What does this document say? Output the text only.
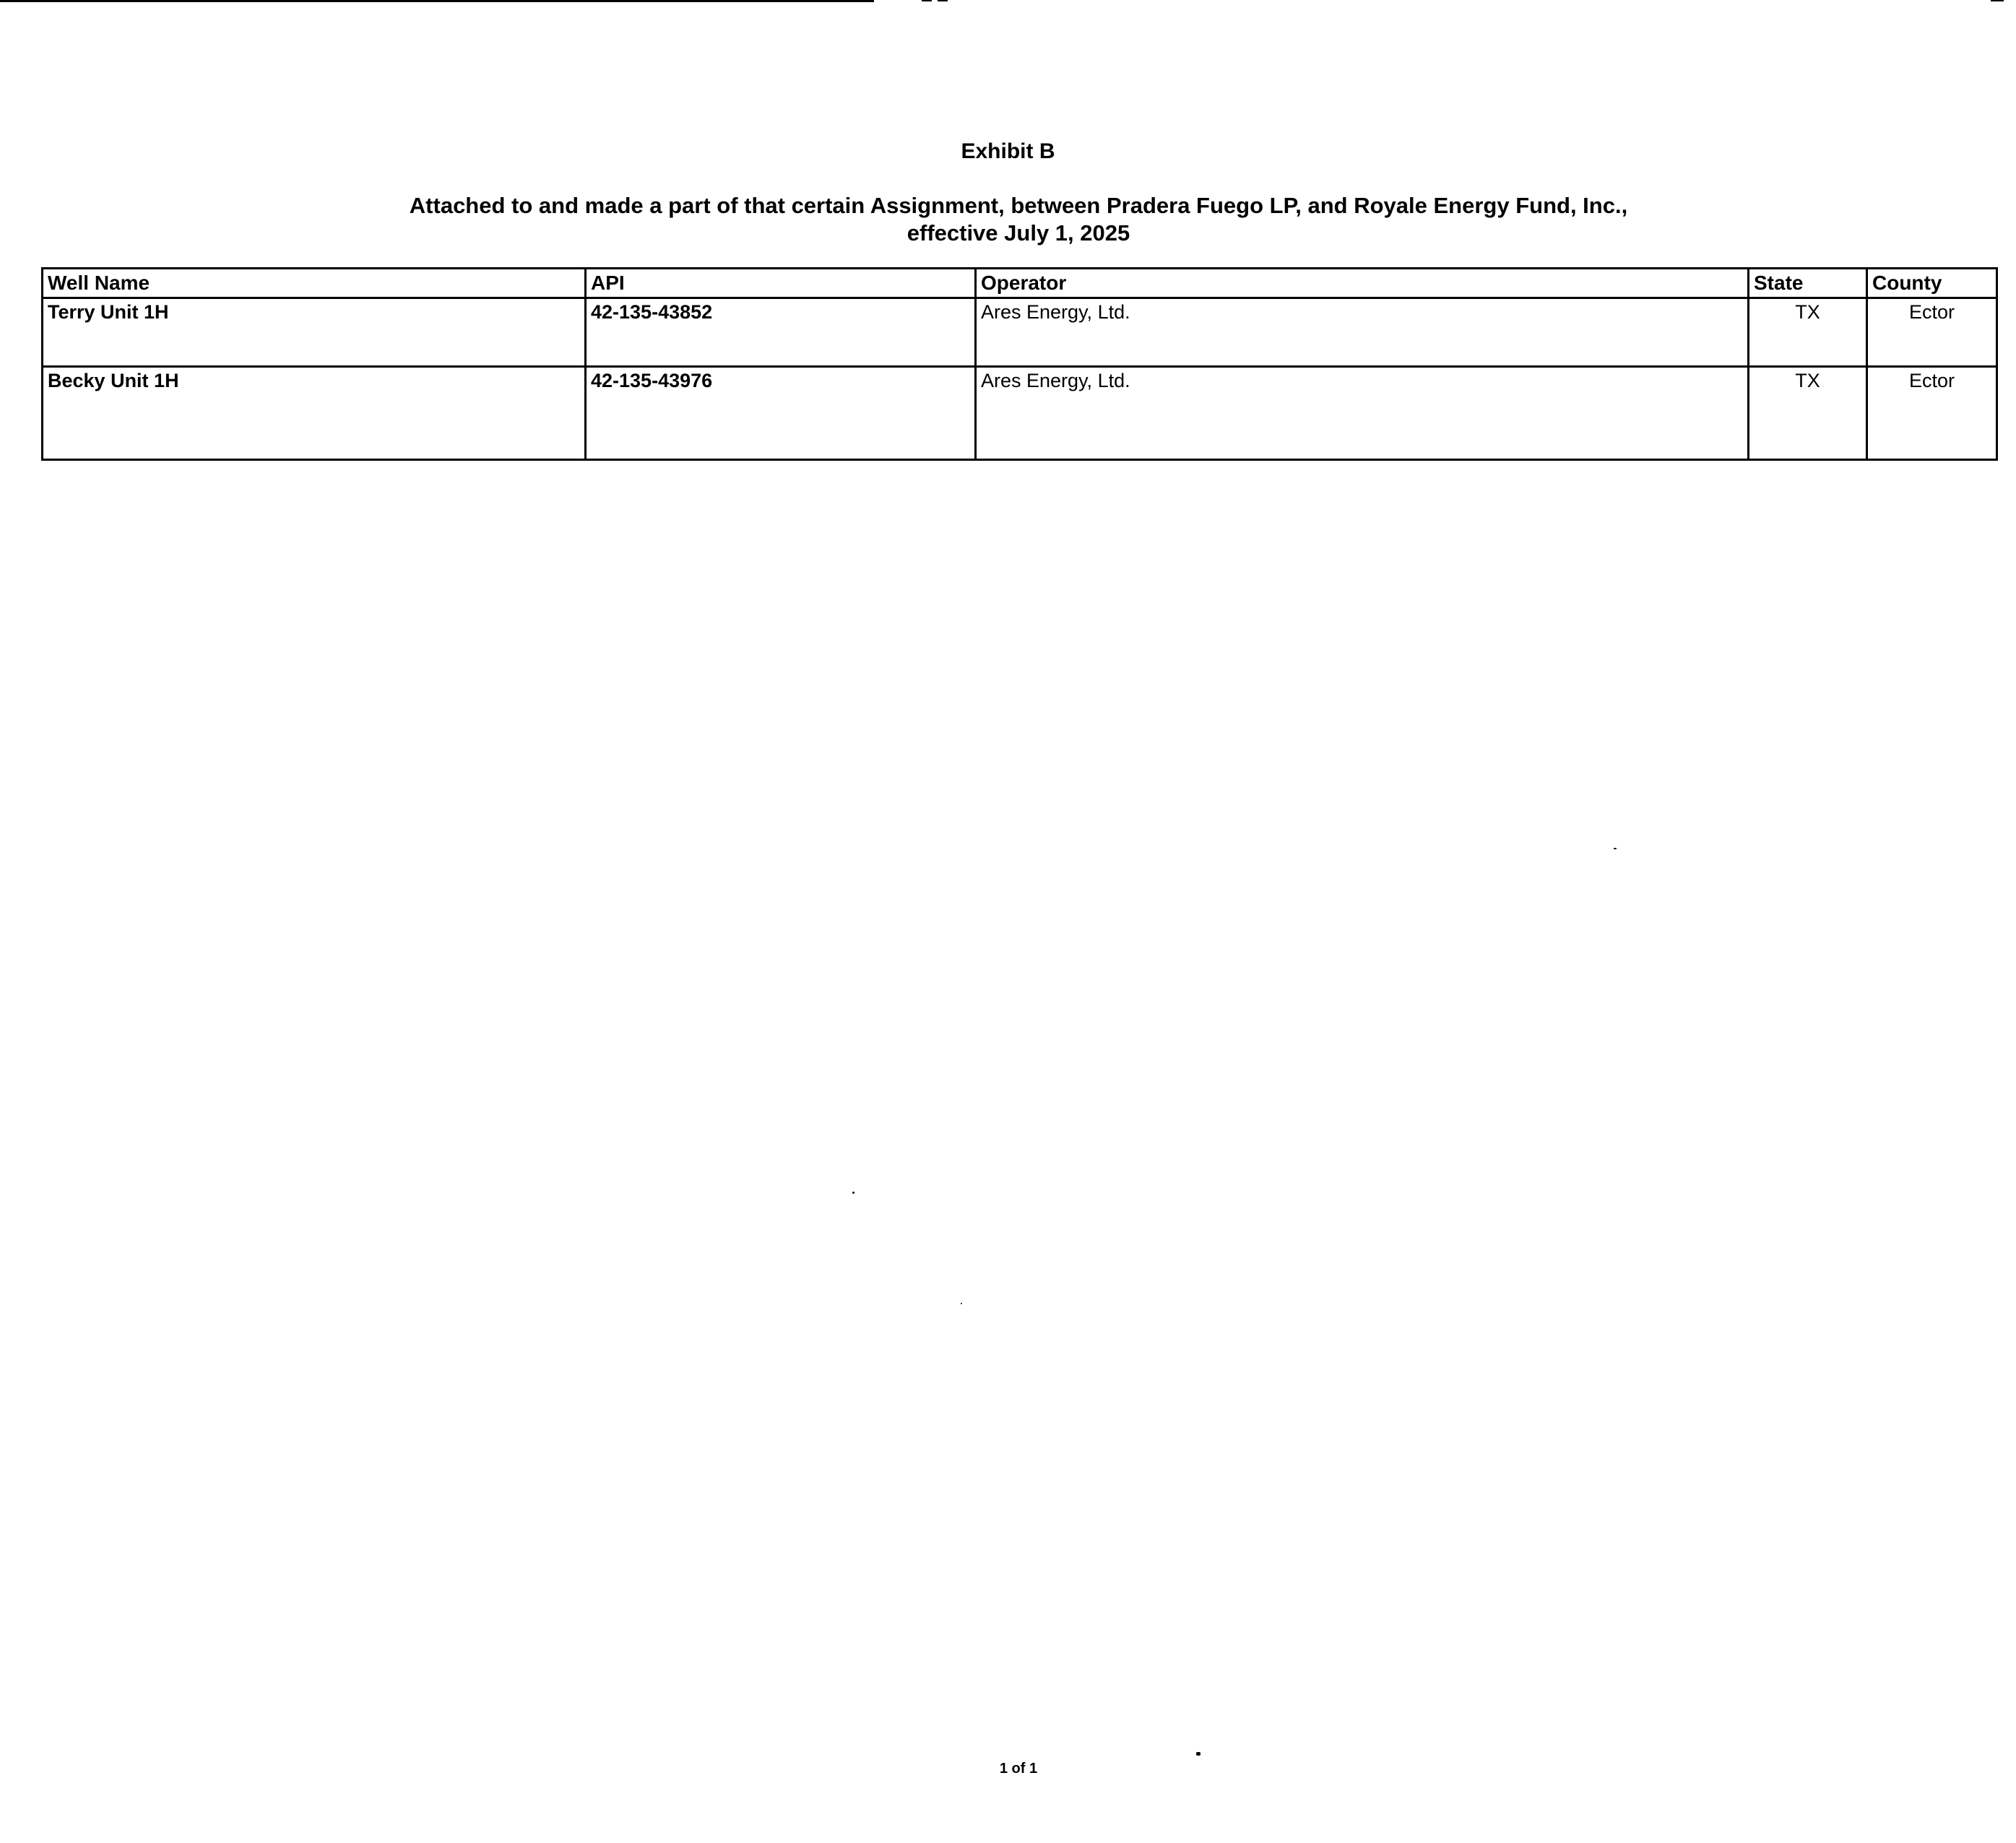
Exhibit B
Attached to and made a part of that certain Assignment, between Pradera Fuego LP, and Royale Energy Fund, Inc.,
effective July 1, 2025
Well Name	API	Operator	State	County
Terry Unit 1H	42-135-43852	Ares Energy, Ltd.	TX	Ector
Becky Unit 1H	42-135-43976	Ares Energy, Ltd.	TX	Ector
1 of 1
